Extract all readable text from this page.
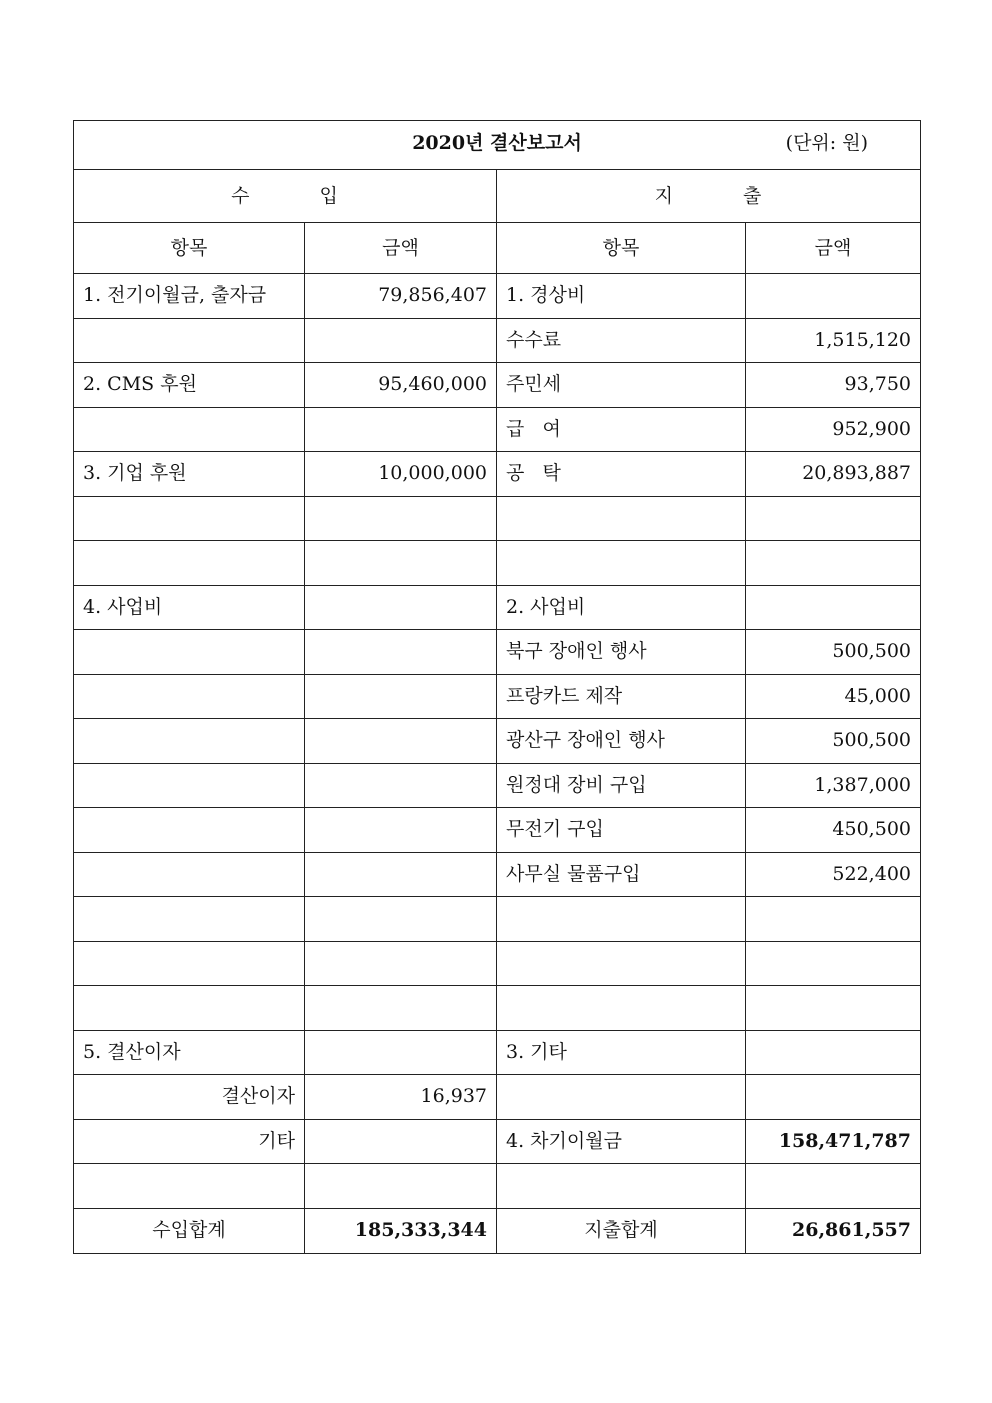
2020년 결산보고서 (단위: 원)			

수 입		지 출	
항목	금액	항목	금액
1. 전기이월금, 출자금	79,856,407	1. 경상비	
		수수료	1,515,120
2. CMS 후원	95,460,000	주민세	93,750
		급   여	952,900
3. 기업 후원	10,000,000	공   탁	20,893,887

4. 사업비		2. 사업비	
		북구 장애인 행사	500,500
		프랑카드 제작	45,000
		광산구 장애인 행사	500,500
		원정대 장비 구입	1,387,000
		무전기 구입	450,500
		사무실 물품구입	522,400

5. 결산이자		3. 기타	
결산이자	16,937		
기타		4. 차기이월금	158,471,787

수입합계	185,333,344	지출합계	26,861,557
